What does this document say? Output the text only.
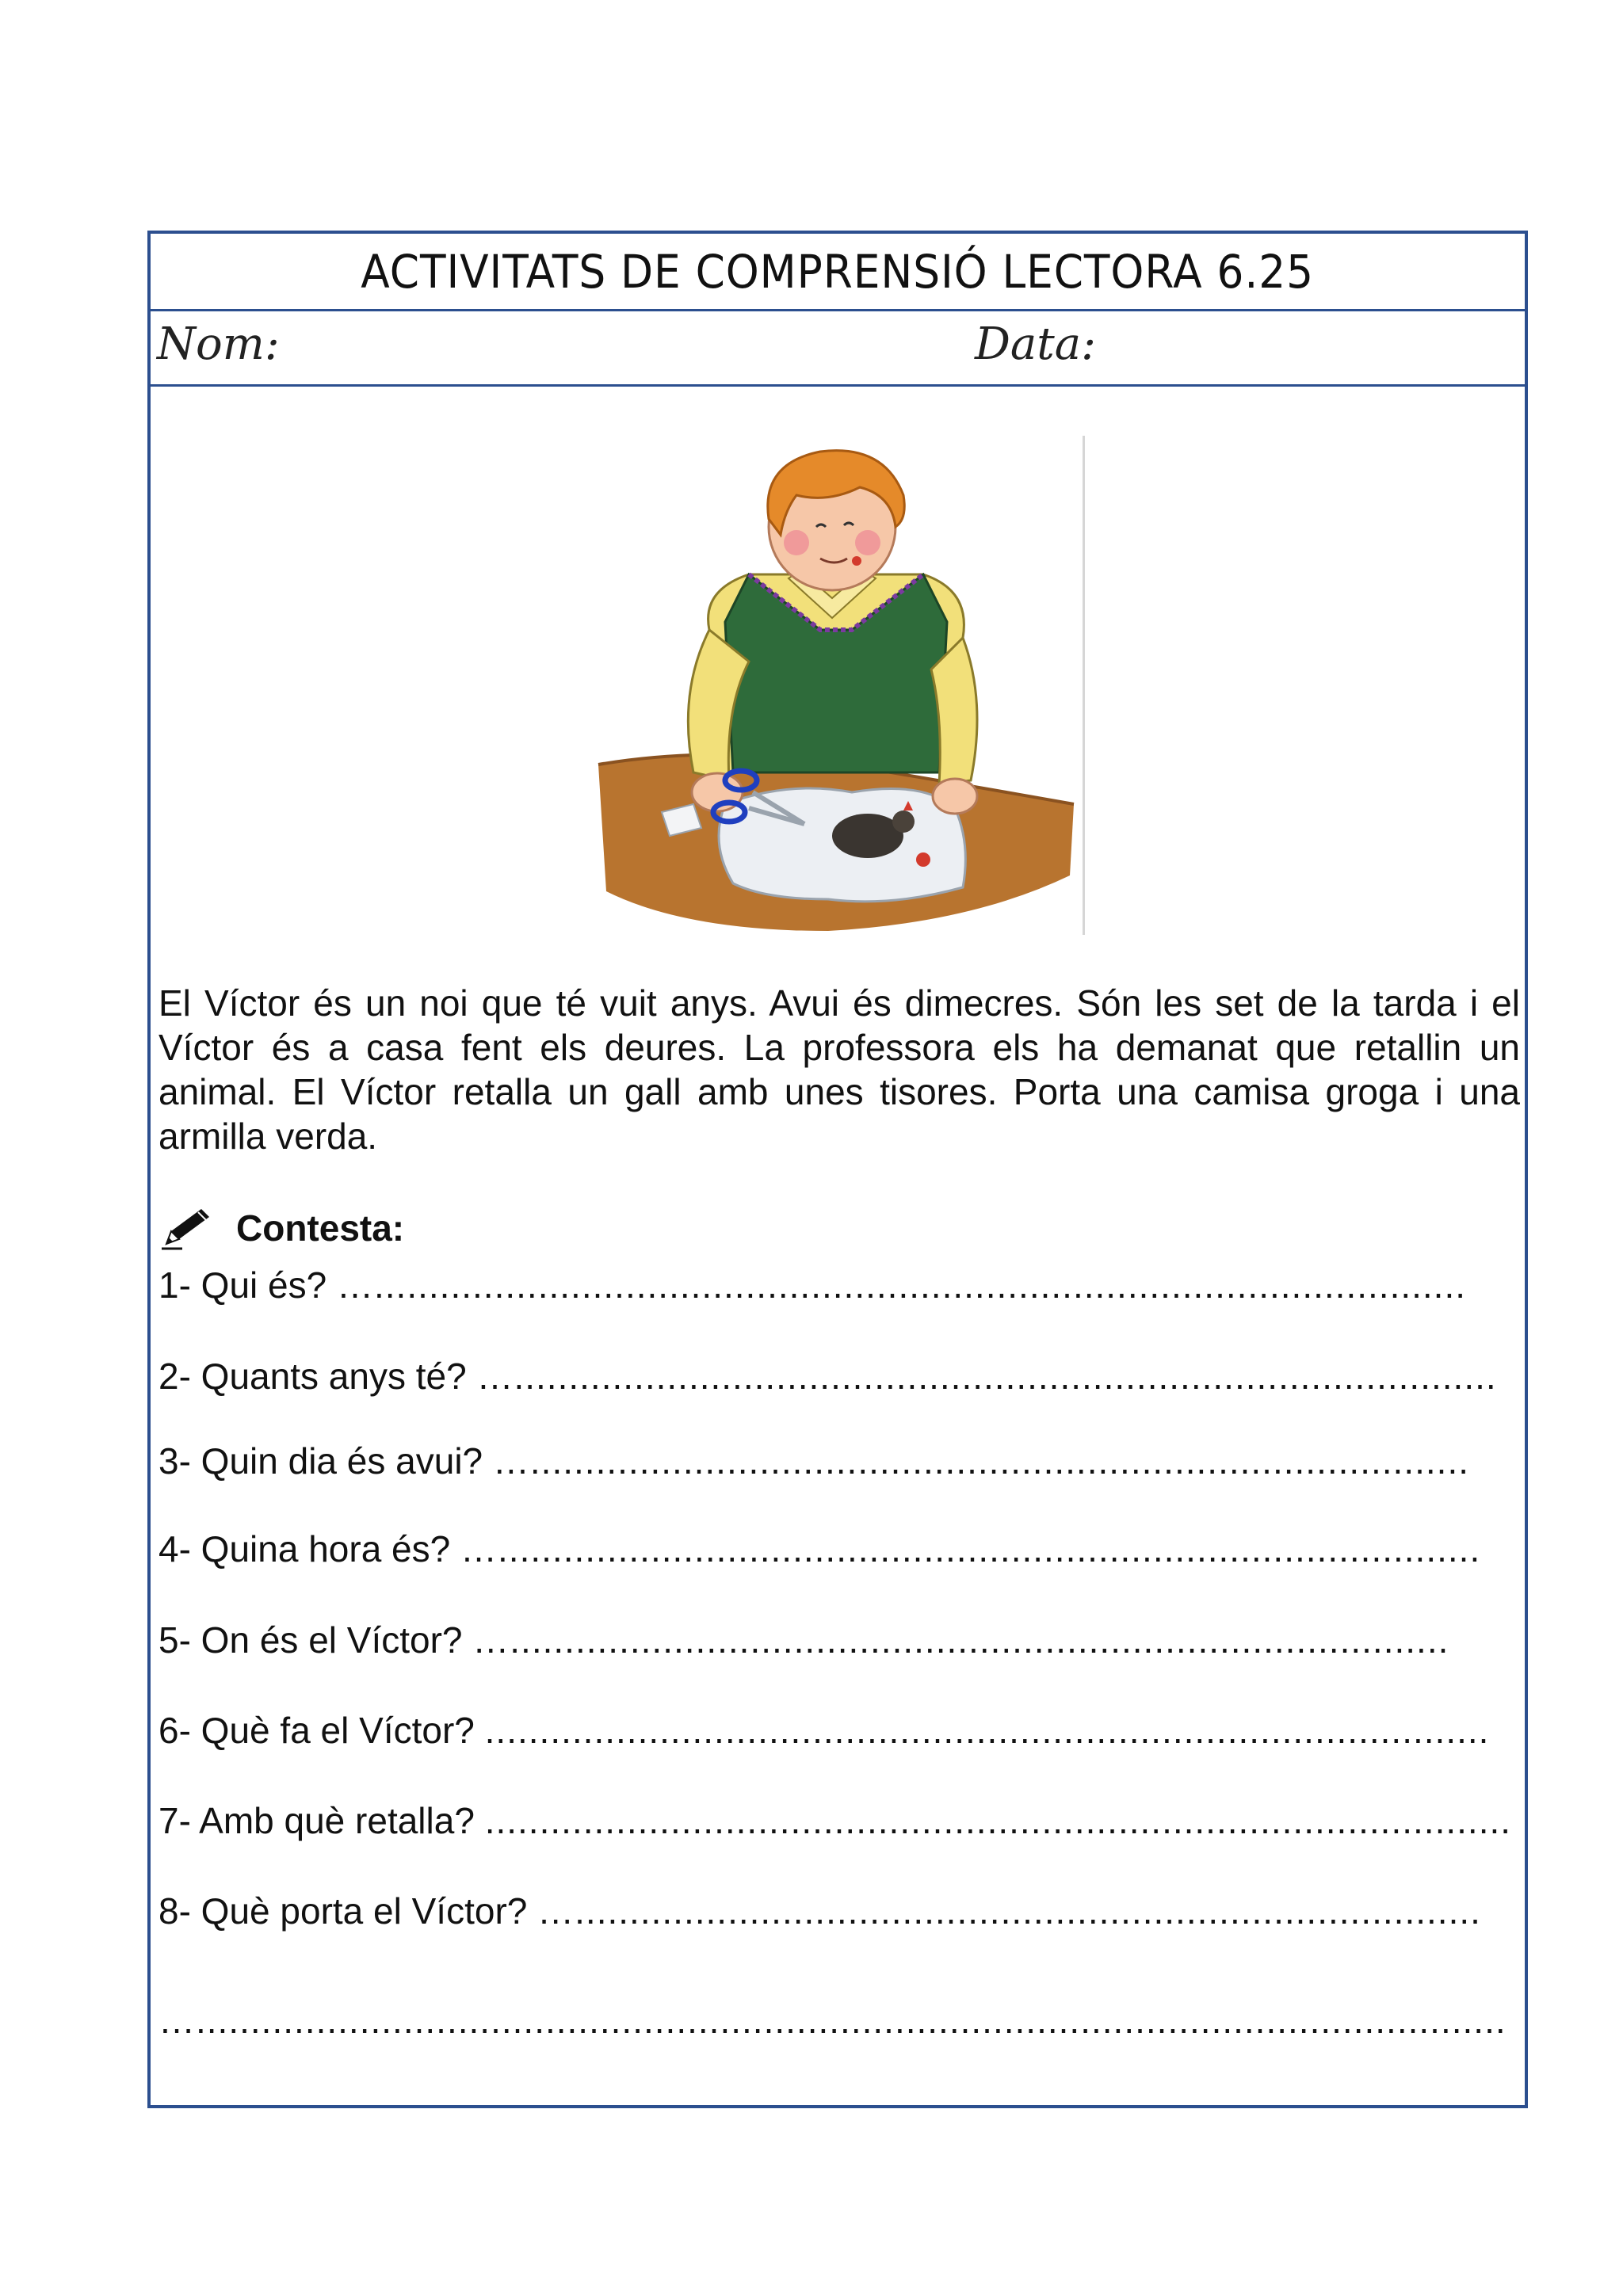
ACTIVITATS DE COMPRENSIÓ LECTORA 6.25
Nom:	Data:
El Víctor és un noi que té vuit anys. Avui és dimecres. Són les set de la tarda i el Víctor és a casa fent els deures. La professora els ha demanat que retallin un animal. El Víctor retalla un gall amb unes tisores. Porta una camisa groga i una armilla verda.
Contesta:
1- Qui és? …....................................................................................................
2- Quants anys té? …..........................................................................................
3- Quin dia és avui? …......................................................................................
4- Quina hora és? …..........................................................................................
5- On és el Víctor? …......................................................................................
6- Què fa el Víctor? ............................................................................................
7- Amb què retalla? ..............................................................................................
8- Què porta el Víctor? …...................................................................................
…........................................................................................................................
